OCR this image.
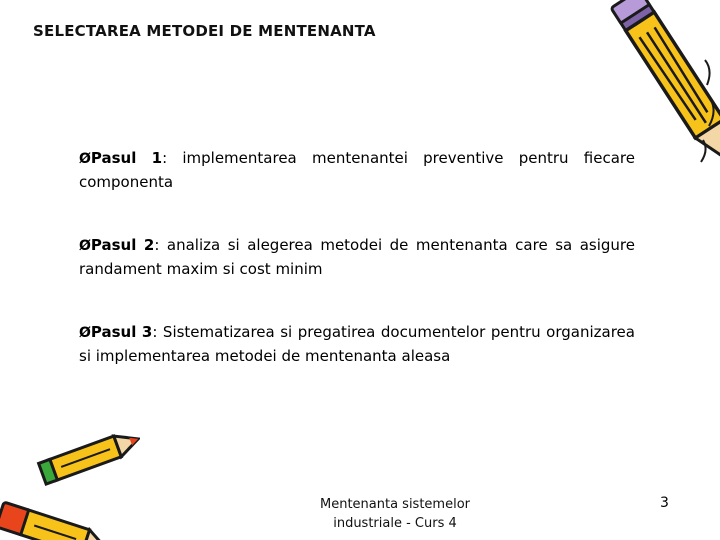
SELECTAREA METODEI DE MENTENANTA

ØPasul 1: implementarea mentenantei preventive pentru fiecare componenta

ØPasul 2: analiza si alegerea metodei de mentenanta care sa asigure randament maxim si cost minim

ØPasul 3: Sistematizarea si pregatirea documentelor pentru organizarea si implementarea metodei de mentenanta aleasa

Mentenanta sistemelor
industriale - Curs 4
3
